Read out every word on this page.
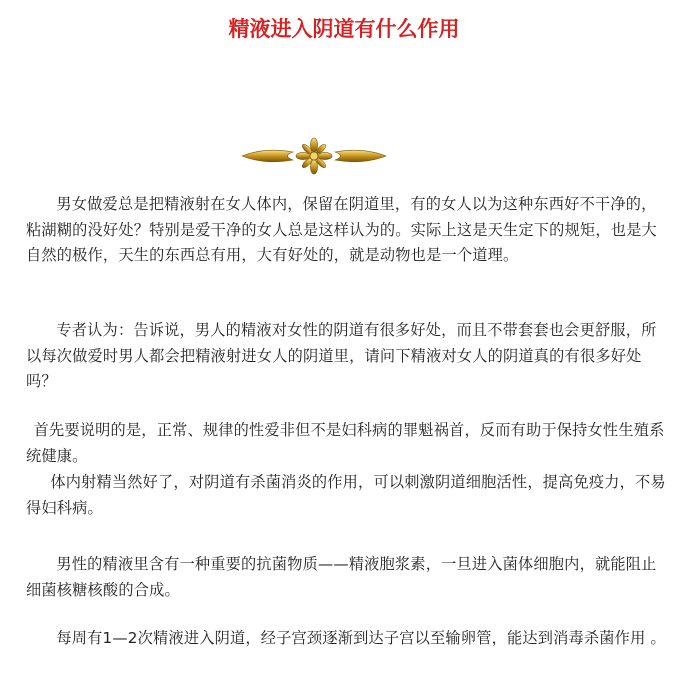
精液进入阴道有什么作用

男女做爱总是把精液射在女人体内，保留在阴道里，有的女人以为这种东西好不干净的，粘湖糊的没好处？特别是爱干净的女人总是这样认为的。实际上这是天生定下的规矩，也是大自然的极作，天生的东西总有用，大有好处的，就是动物也是一个道理。

专者认为：告诉说，男人的精液对女性的阴道有很多好处，而且不带套套也会更舒服，所以每次做爱时男人都会把精液射进女人的阴道里，请问下精液对女人的阴道真的有很多好处吗？

首先要说明的是，正常、规律的性爱非但不是妇科病的罪魁祸首，反而有助于保持女性生殖系统健康。

体内射精当然好了，对阴道有杀菌消炎的作用，可以刺激阴道细胞活性，提高免疫力，不易得妇科病。

男性的精液里含有一种重要的抗菌物质——精液胞浆素，一旦进入菌体细胞内，就能阻止细菌核糖核酸的合成。

每周有1—2次精液进入阴道，经子宫颈逐渐到达子宫以至输卵管，能达到消毒杀菌作用 。
